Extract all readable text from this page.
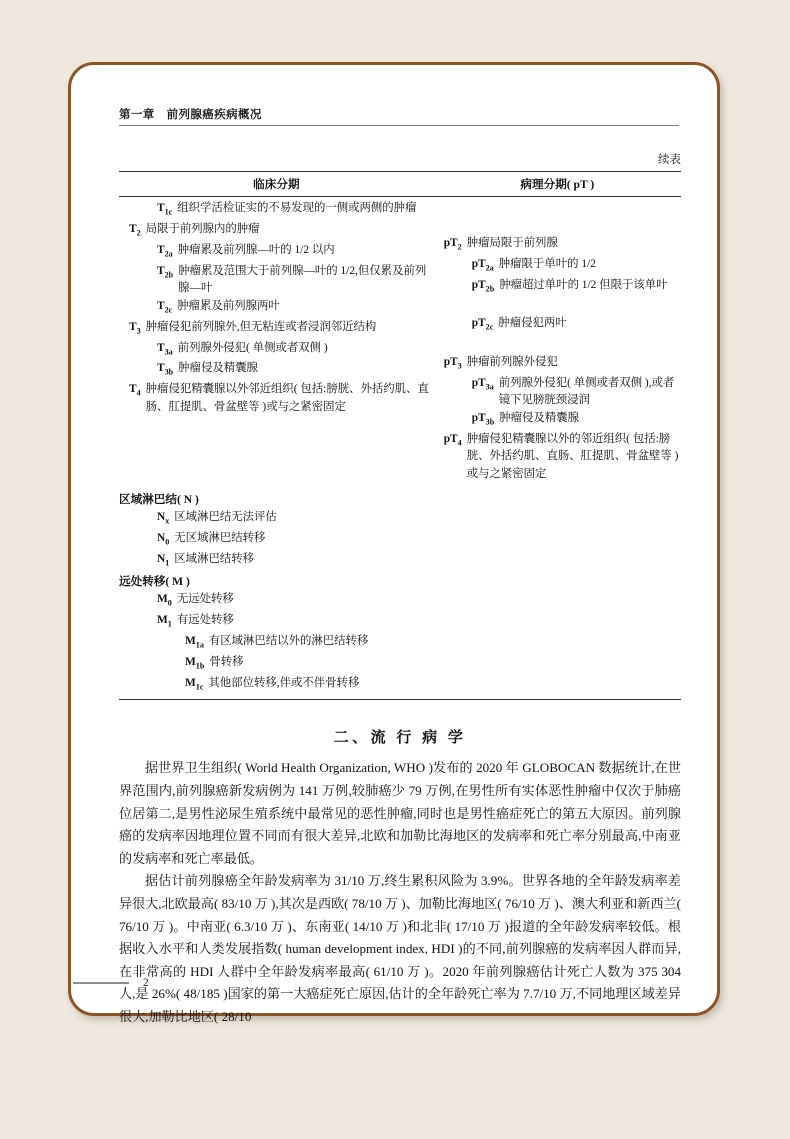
第一章　前列腺癌疾病概况
续表
临床分期	病理分期( pT )
$T_{1c}$ 组织学活检证实的不易发现的一侧或两侧的肿瘤
$T_2$ 局限于前列腺内的肿瘤
$T_{2a}$ 肿瘤累及前列腺—叶的 1/2 以内
$T_{2b}$ 肿瘤累及范围大于前列腺—叶的 1/2,但仅累及前列腺—叶
$T_{2c}$ 肿瘤累及前列腺两叶
$T_3$ 肿瘤侵犯前列腺外,但无粘连或者浸润邻近结构
$T_{3a}$ 前列腺外侵犯( 单侧或者双侧 )
$T_{3b}$ 肿瘤侵及精囊腺
$T_4$ 肿瘤侵犯精囊腺以外邻近组织( 包括:膀胱、外括约肌、直肠、肛提肌、骨盆壁等 )或与之紧密固定
$pT_2$ 肿瘤局限于前列腺
$pT_{2a}$ 肿瘤限于单叶的 1/2
$pT_{2b}$ 肿瘤超过单叶的 1/2 但限于该单叶
$pT_{2c}$ 肿瘤侵犯两叶
$pT_3$ 肿瘤前列腺外侵犯
$pT_{3a}$ 前列腺外侵犯( 单侧或者双侧 ),或者镜下见膀胱颈浸润
$pT_{3b}$ 肿瘤侵及精囊腺
$pT_4$ 肿瘤侵犯精囊腺以外的邻近组织( 包括:膀胱、外括约肌、直肠、肛提肌、骨盆壁等 )或与之紧密固定
区域淋巴结( N )
$N_x$ 区域淋巴结无法评估
$N_0$ 无区域淋巴结转移
$N_1$ 区域淋巴结转移
远处转移( M )
$M_0$ 无远处转移
$M_1$ 有远处转移
$M_{1a}$ 有区域淋巴结以外的淋巴结转移
$M_{1b}$ 骨转移
$M_{1c}$ 其他部位转移,伴或不伴骨转移
二、流 行 病 学

据世界卫生组织( World Health Organization, WHO )发布的 2020 年 GLOBOCAN 数据统计,在世界范围内,前列腺癌新发病例为 141 万例,较肺癌少 79 万例,在男性所有实体恶性肿瘤中仅次于肺癌位居第二,是男性泌尿生殖系统中最常见的恶性肿瘤,同时也是男性癌症死亡的第五大原因。前列腺癌的发病率因地理位置不同而有很大差异,北欧和加勒比海地区的发病率和死亡率分别最高,中南亚的发病率和死亡率最低。

据估计前列腺癌全年龄发病率为 31/10 万,终生累积风险为 3.9%。世界各地的全年龄发病率差异很大,北欧最高( 83/10 万 ),其次是西欧( 78/10 万 )、加勒比海地区( 76/10 万 )、澳大利亚和新西兰( 76/10 万 )。中南亚( 6.3/10 万 )、东南亚( 14/10 万 )和北非( 17/10 万 )报道的全年龄发病率较低。根据收入水平和人类发展指数( human development index, HDI )的不同,前列腺癌的发病率因人群而异,在非常高的 HDI 人群中全年龄发病率最高( 61/10 万 )。2020 年前列腺癌估计死亡人数为 375 304 人,是 26%( 48/185 )国家的第一大癌症死亡原因,估计的全年龄死亡率为 7.7/10 万,不同地理区域差异很大,加勒比地区( 28/10

2
